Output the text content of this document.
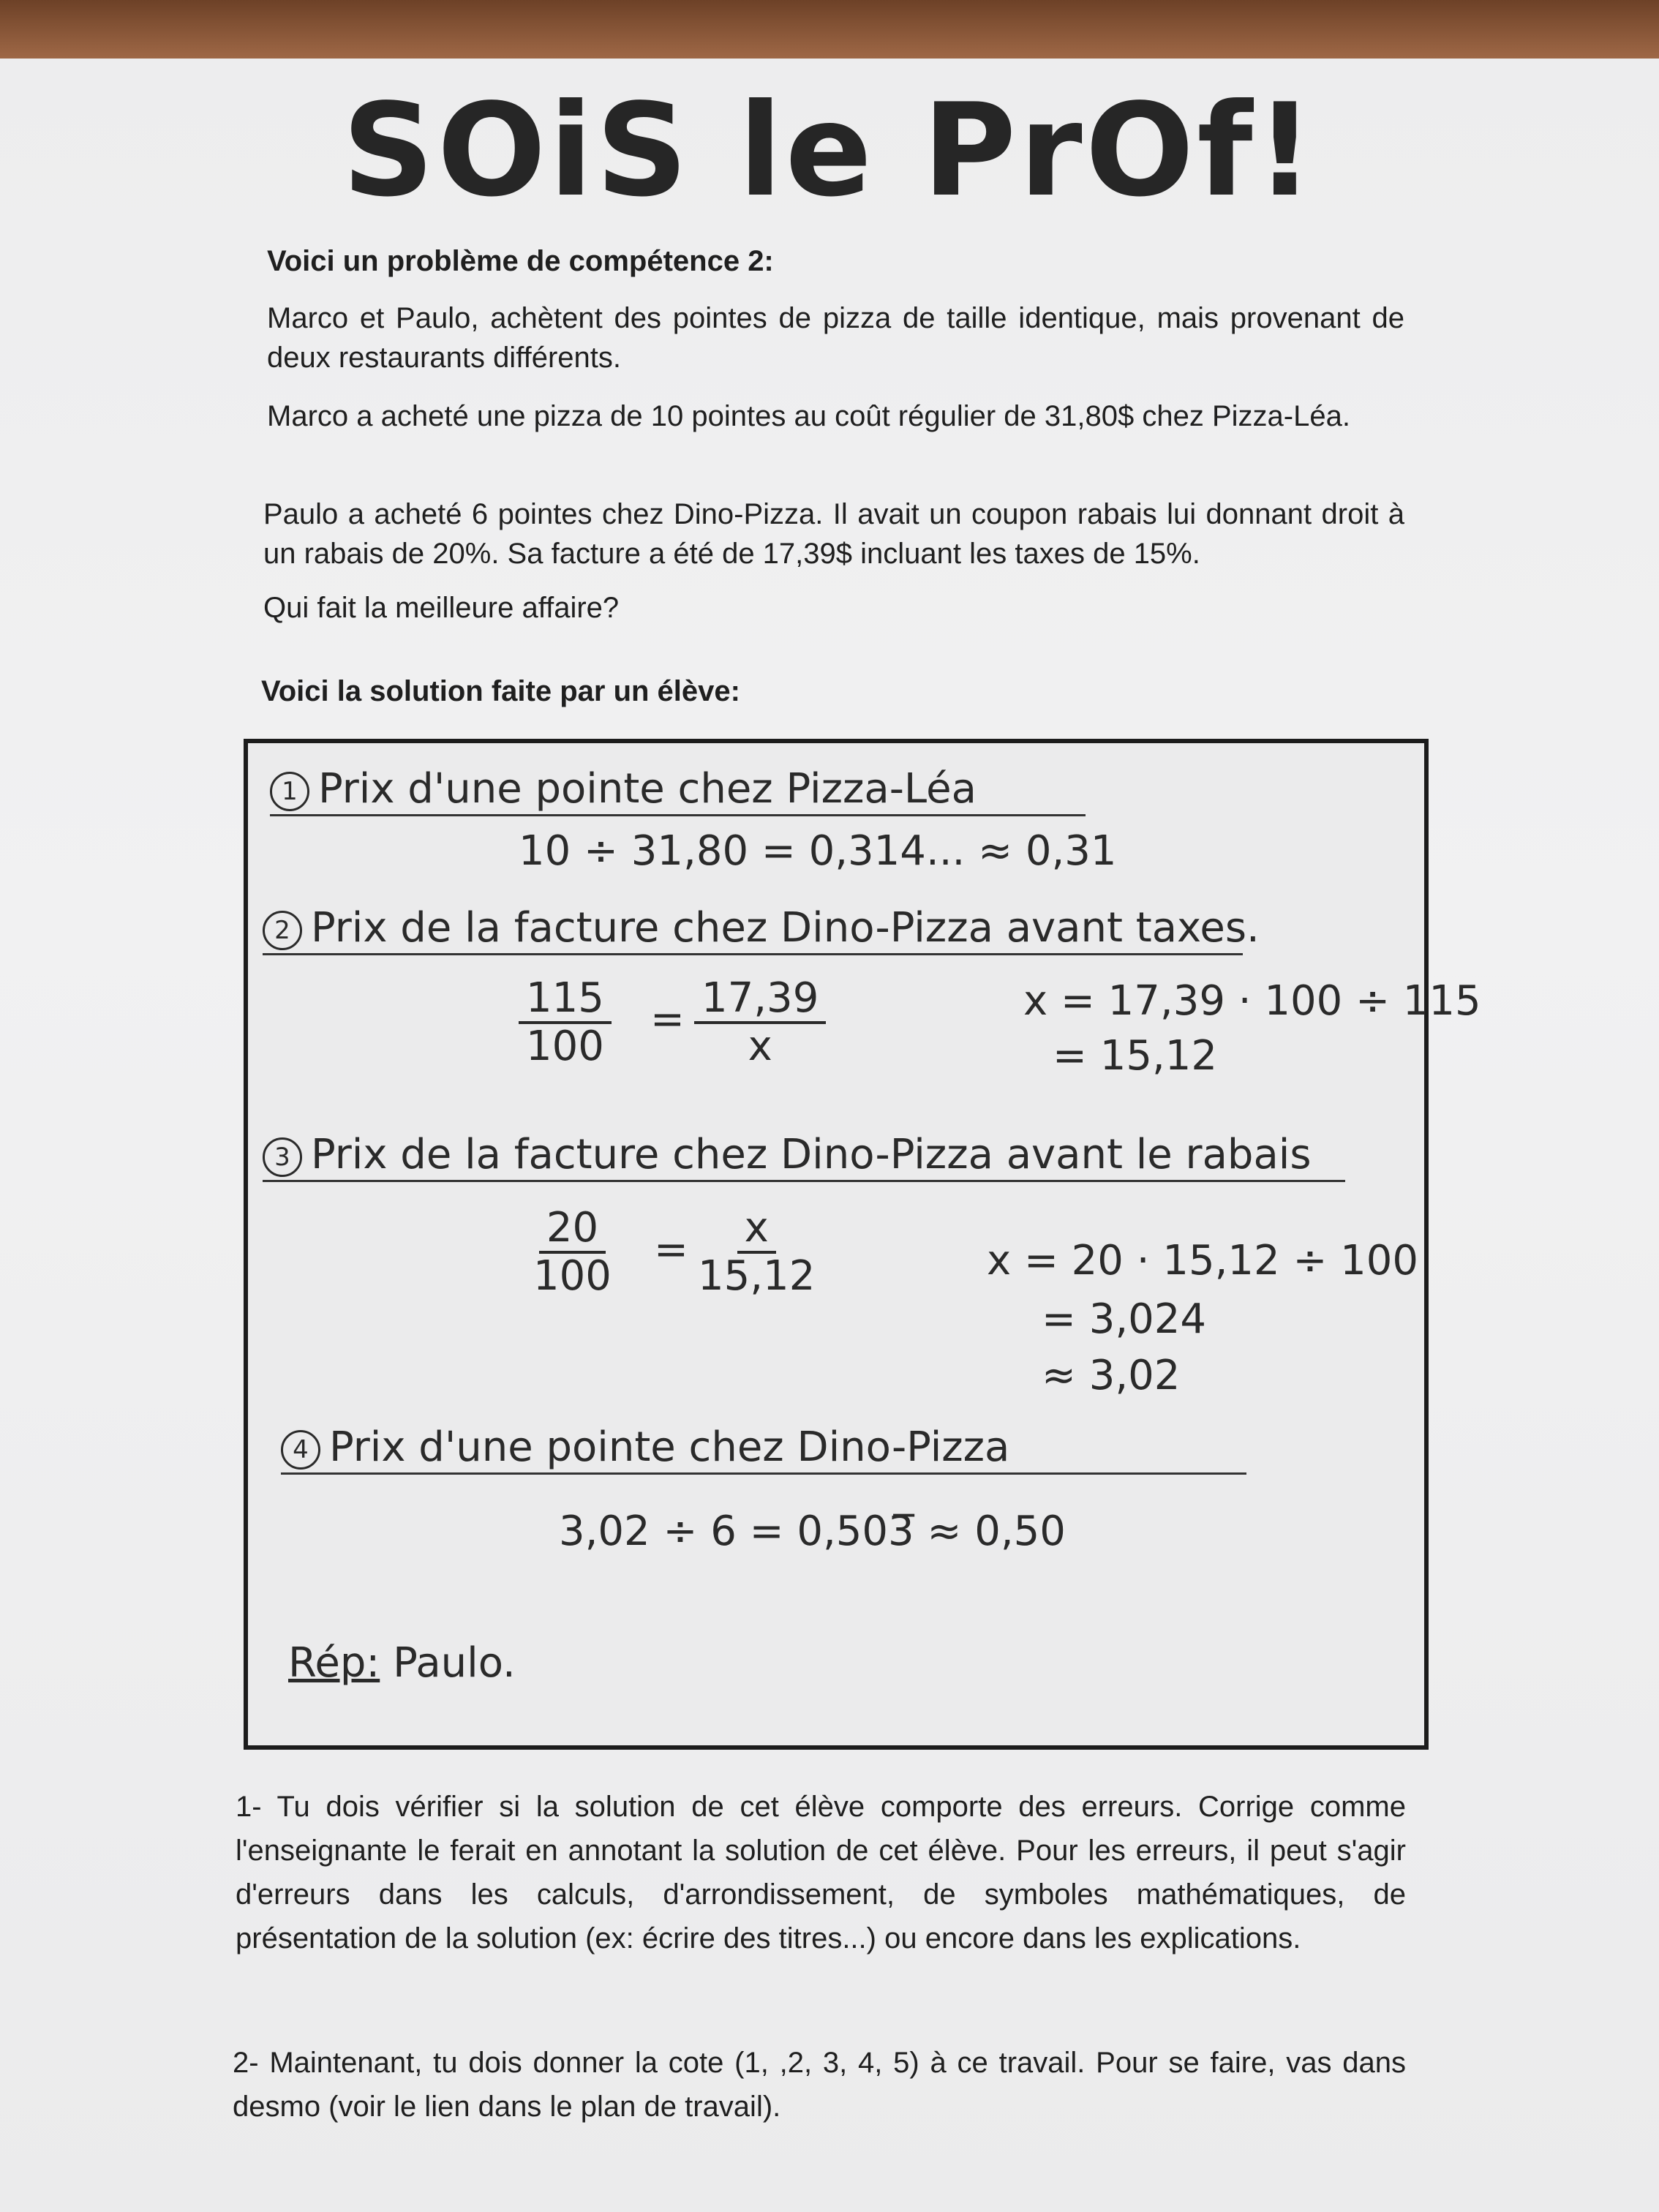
SOiS le PrOf!
Voici un problème de compétence 2:
Marco et Paulo, achètent des pointes de pizza de taille identique, mais provenant de deux restaurants différents.
Marco a acheté une pizza de 10 pointes au coût régulier de 31,80$ chez Pizza-Léa.
Paulo a acheté 6 pointes chez Dino-Pizza. Il avait un coupon rabais lui donnant droit à un rabais de 20%. Sa facture a été de 17,39$ incluant les taxes de 15%.
Qui fait la meilleure affaire?
Voici la solution faite par un élève:
1 Prix d'une pointe chez Pizza-Léa
10 ÷ 31,80 = 0,314... ≈ 0,31
2 Prix de la facture chez Dino-Pizza avant taxes.
$\frac{115}{100} = \frac{17,39}{x}$	x = 17,39 · 100 ÷ 115
= 15,12
3 Prix de la facture chez Dino-Pizza avant le rabais
$\frac{20}{100} = \frac{x}{15,12}$	x = 20 · 15,12 ÷ 100
= 3,024
≈ 3,02
4 Prix d'une pointe chez Dino-Pizza
3,02 ÷ 6 = 0,503̅ ≈ 0,50
Rép: Paulo.
1- Tu dois vérifier si la solution de cet élève comporte des erreurs. Corrige comme l'enseignante le ferait en annotant la solution de cet élève. Pour les erreurs, il peut s'agir d'erreurs dans les calculs, d'arrondissement, de symboles mathématiques, de présentation de la solution (ex: écrire des titres...) ou encore dans les explications.
2- Maintenant, tu dois donner la cote (1, ,2, 3, 4, 5) à ce travail. Pour se faire, vas dans desmo (voir le lien dans le plan de travail).
